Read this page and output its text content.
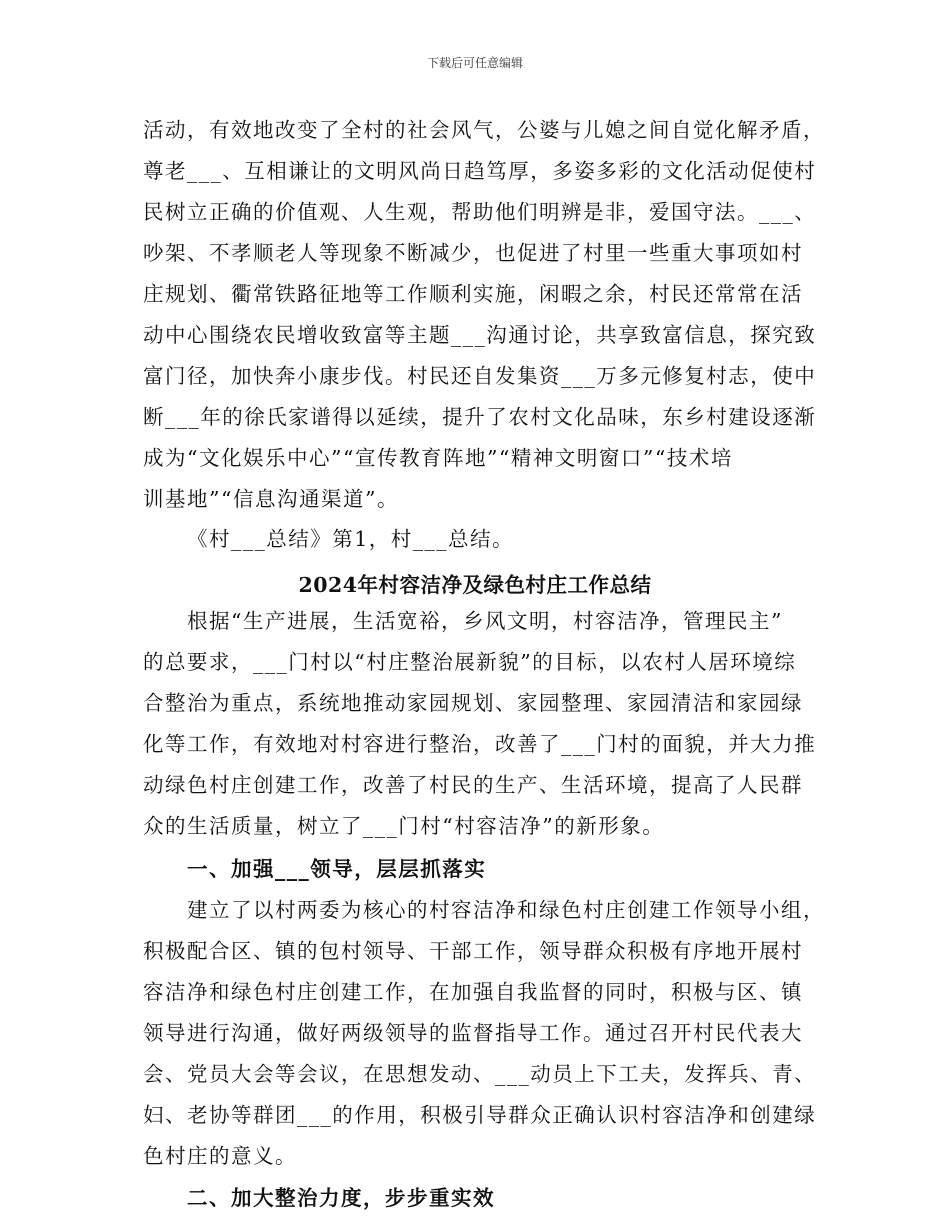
下载后可任意编辑
活动，有效地改变了全村的社会风气，公婆与儿媳之间自觉化解矛盾，
尊老___、互相谦让的文明风尚日趋笃厚，多姿多彩的文化活动促使村
民树立正确的价值观、人生观，帮助他们明辨是非，爱国守法。___、
吵架、不孝顺老人等现象不断减少，也促进了村里一些重大事项如村
庄规划、衢常铁路征地等工作顺利实施，闲暇之余，村民还常常在活
动中心围绕农民增收致富等主题___沟通讨论，共享致富信息，探究致
富门径，加快奔小康步伐。村民还自发集资___万多元修复村志，使中
断___年的徐氏家谱得以延续，提升了农村文化品味，东乡村建设逐渐
成为“文化娱乐中心”“宣传教育阵地”“精神文明窗口”“技术培
训基地”“信息沟通渠道”。
《村___总结》第1，村___总结。
2024年村容洁净及绿色村庄工作总结
根据“生产进展，生活宽裕，乡风文明，村容洁净，管理民主”
的总要求，___门村以“村庄整治展新貌”的目标，以农村人居环境综
合整治为重点，系统地推动家园规划、家园整理、家园清洁和家园绿
化等工作，有效地对村容进行整治，改善了___门村的面貌，并大力推
动绿色村庄创建工作，改善了村民的生产、生活环境，提高了人民群
众的生活质量，树立了___门村“村容洁净”的新形象。
一、加强___领导，层层抓落实
建立了以村两委为核心的村容洁净和绿色村庄创建工作领导小组，
积极配合区、镇的包村领导、干部工作，领导群众积极有序地开展村
容洁净和绿色村庄创建工作，在加强自我监督的同时，积极与区、镇
领导进行沟通，做好两级领导的监督指导工作。通过召开村民代表大
会、党员大会等会议，在思想发动、___动员上下工夫，发挥兵、青、
妇、老协等群团___的作用，积极引导群众正确认识村容洁净和创建绿
色村庄的意义。
二、加大整治力度，步步重实效
